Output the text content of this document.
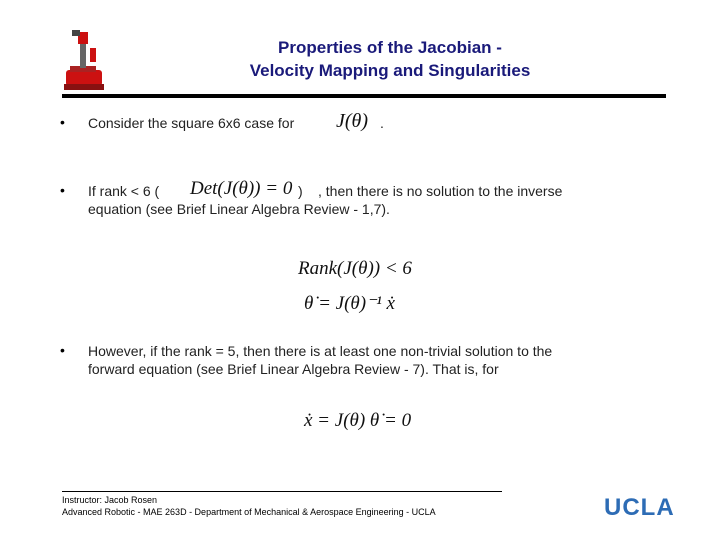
Properties of the Jacobian -
Velocity Mapping and Singularities
• Consider the square 6x6 case for J(θ) .
• If rank < 6 ( Det(J(θ)) = 0 ) , then there is no solution to the inverse
equation (see Brief Linear Algebra Review - 1,7).
Rank(J(θ)) < 6
θ̇ = J(θ)⁻¹ ẋ
• However, if the rank = 5, then there is at least one non-trivial solution to the
forward equation (see Brief Linear Algebra Review - 7). That is, for
ẋ = J(θ) θ̇ = 0
Instructor: Jacob Rosen
Advanced Robotic - MAE 263D - Department of Mechanical & Aerospace Engineering - UCLA	UCLA
